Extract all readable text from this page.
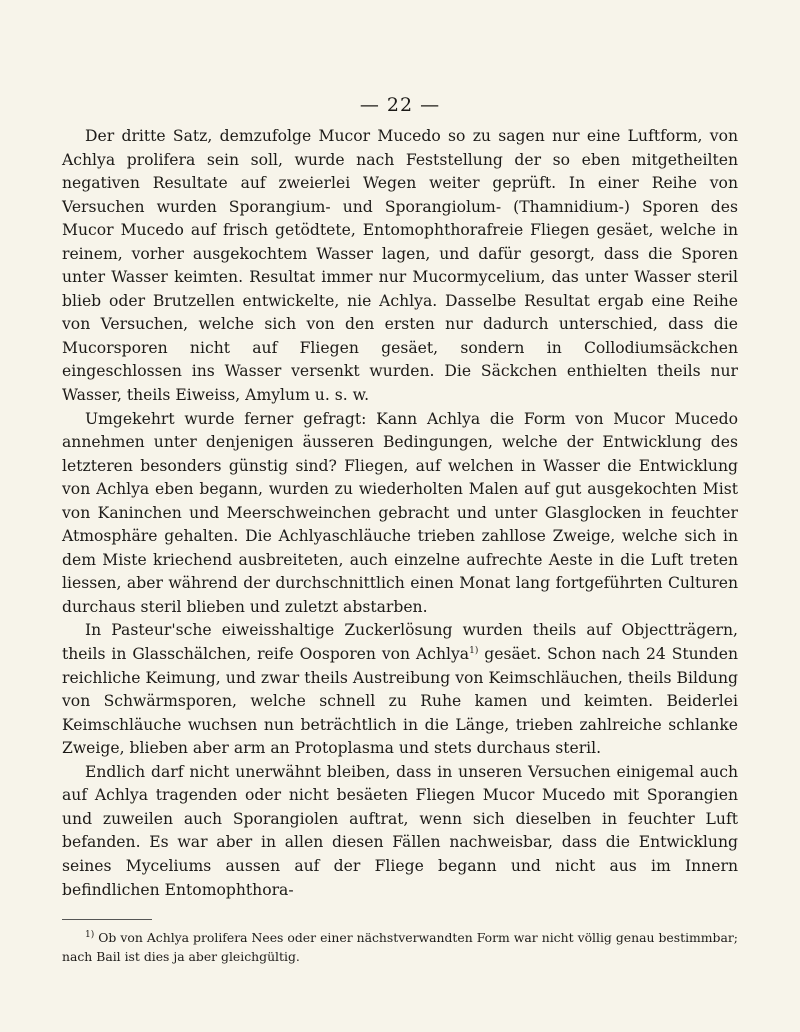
— 22 —

Der dritte Satz, demzufolge Mucor Mucedo so zu sagen nur eine Luftform, von Achlya prolifera sein soll, wurde nach Feststellung der so eben mitgetheilten negativen Resultate auf zweierlei Wegen weiter geprüft. In einer Reihe von Versuchen wurden Sporangium- und Sporangiolum- (Thamnidium-) Sporen des Mucor Mucedo auf frisch getödtete, Entomophthorafreie Fliegen gesäet, welche in reinem, vorher ausgekochtem Wasser lagen, und dafür gesorgt, dass die Sporen unter Wasser keimten. Resultat immer nur Mucormycelium, das unter Wasser steril blieb oder Brutzellen entwickelte, nie Achlya. Dasselbe Resultat ergab eine Reihe von Versuchen, welche sich von den ersten nur dadurch unterschied, dass die Mucorsporen nicht auf Fliegen gesäet, sondern in Collodiumsäckchen eingeschlossen ins Wasser versenkt wurden. Die Säckchen enthielten theils nur Wasser, theils Eiweiss, Amylum u. s. w.

Umgekehrt wurde ferner gefragt: Kann Achlya die Form von Mucor Mucedo annehmen unter denjenigen äusseren Bedingungen, welche der Entwicklung des letzteren besonders günstig sind? Fliegen, auf welchen in Wasser die Entwicklung von Achlya eben begann, wurden zu wiederholten Malen auf gut ausgekochten Mist von Kaninchen und Meerschweinchen gebracht und unter Glasglocken in feuchter Atmosphäre gehalten. Die Achlyaschläuche trieben zahllose Zweige, welche sich in dem Miste kriechend ausbreiteten, auch einzelne aufrechte Aeste in die Luft treten liessen, aber während der durchschnittlich einen Monat lang fortgeführten Culturen durchaus steril blieben und zuletzt abstarben.

In Pasteur'sche eiweisshaltige Zuckerlösung wurden theils auf Objectträgern, theils in Glasschälchen, reife Oosporen von Achlya$^{1)}$ gesäet. Schon nach 24 Stunden reichliche Keimung, und zwar theils Austreibung von Keimschläuchen, theils Bildung von Schwärmsporen, welche schnell zu Ruhe kamen und keimten. Beiderlei Keimschläuche wuchsen nun beträchtlich in die Länge, trieben zahlreiche schlanke Zweige, blieben aber arm an Protoplasma und stets durchaus steril.

Endlich darf nicht unerwähnt bleiben, dass in unseren Versuchen einigemal auch auf Achlya tragenden oder nicht besäeten Fliegen Mucor Mucedo mit Sporangien und zuweilen auch Sporangiolen auftrat, wenn sich dieselben in feuchter Luft befanden. Es war aber in allen diesen Fällen nachweisbar, dass die Entwicklung seines Myceliums aussen auf der Fliege begann und nicht aus im Innern befindlichen Entomophthora-

$^{1)}$ Ob von Achlya prolifera Nees oder einer nächstverwandten Form war nicht völlig genau bestimmbar; nach Bail ist dies ja aber gleichgültig.
